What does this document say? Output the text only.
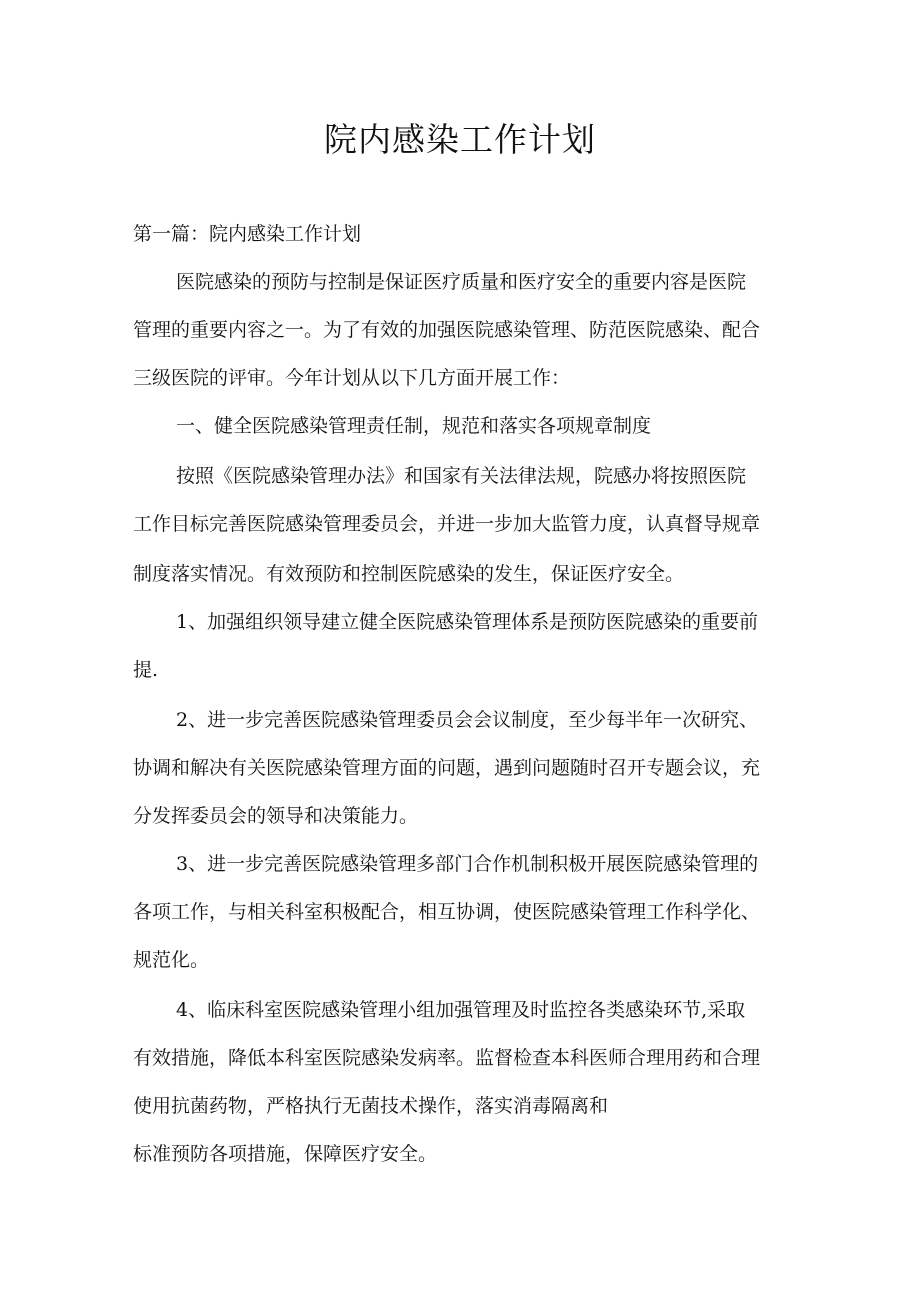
院内感染工作计划

第一篇：院内感染工作计划

医院感染的预防与控制是保证医疗质量和医疗安全的重要内容是医院

管理的重要内容之一。为了有效的加强医院感染管理、防范医院感染、配合

三级医院的评审。今年计划从以下几方面开展工作：

一、健全医院感染管理责任制，规范和落实各项规章制度

按照《医院感染管理办法》和国家有关法律法规，院感办将按照医院

工作目标完善医院感染管理委员会，并进一步加大监管力度，认真督导规章

制度落实情况。有效预防和控制医院感染的发生，保证医疗安全。

1、加强组织领导建立健全医院感染管理体系是预防医院感染的重要前

提.

2、进一步完善医院感染管理委员会会议制度，至少每半年一次研究、

协调和解决有关医院感染管理方面的问题，遇到问题随时召开专题会议，充

分发挥委员会的领导和决策能力。

3、进一步完善医院感染管理多部门合作机制积极开展医院感染管理的

各项工作，与相关科室积极配合，相互协调，使医院感染管理工作科学化、

规范化。

4、临床科室医院感染管理小组加强管理及时监控各类感染环节,采取

有效措施，降低本科室医院感染发病率。监督检查本科医师合理用药和合理

使用抗菌药物，严格执行无菌技术操作，落实消毒隔离和

标准预防各项措施，保障医疗安全。
